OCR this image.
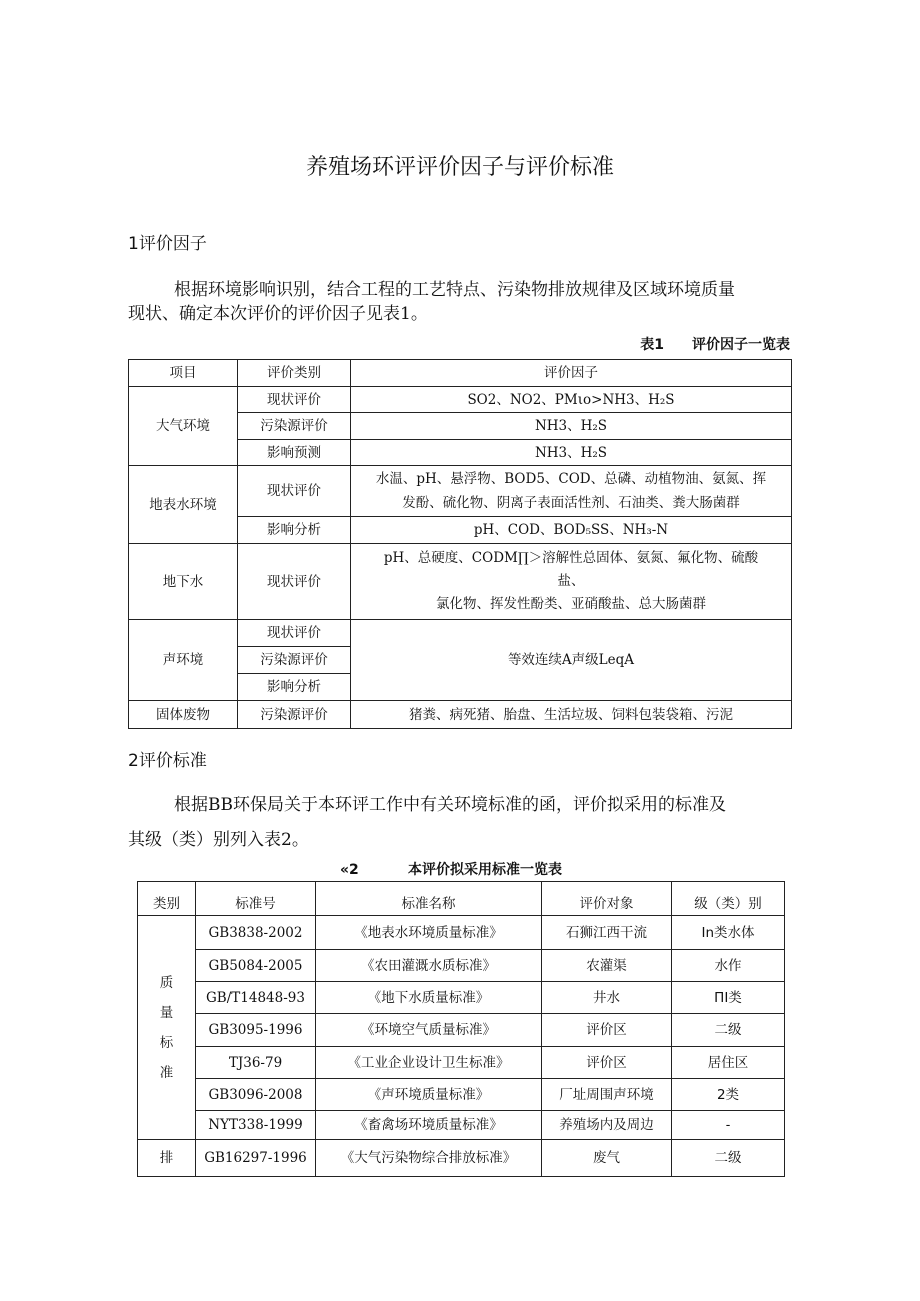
养殖场环评评价因子与评价标准
1评价因子
根据环境影响识别，结合工程的工艺特点、污染物排放规律及区域环境质量
现状、确定本次评价的评价因子见表1。
表1　　评价因子一览表
项目	评价类别	评价因子
大气环境	现状评价	SO2、NO2、PMιo>NH3、H₂S
	污染源评价	NH3、H₂S
	影响预测	NH3、H₂S
地表水环境	现状评价	水温、pH、悬浮物、BOD5、COD、总磷、动植物油、氨氮、挥
发酚、硫化物、阴离子表面活性剂、石油类、粪大肠菌群

	影响分析	pH、COD、BOD₅SS、NH₃-N
地下水	现状评价	pH、总硬度、CODM∏＞溶解性总固体、氨氮、氟化物、硫酸
盐、
氯化物、挥发性酚类、亚硝酸盐、总大肠菌群

声环境	现状评价	等效连续A声级LeqA
	污染源评价	
	影响分析	
固体废物	污染源评价	猪粪、病死猪、胎盘、生活垃圾、饲料包装袋箱、污泥
2评价标准
根据BB环保局关于本环评工作中有关环境标准的函，评价拟采用的标准及
其级（类）别列入表2。
«2	本评价拟采用标准一览表
类别	标准号	标准名称	评价对象	级（类）别

质
量
标
准	GB3838-2002	《地表水环境质量标准》	石狮江西干流	In类水体
	GB5084-2005	《农田灌溉水质标准》	农灌渠	水作
	GB/T14848-93	《地下水质量标准》	井水	ΠI类
	GB3095-1996	《环境空气质量标准》	评价区	二级
	TJ36-79	《工业企业设计卫生标准》	评价区	居住区
	GB3096-2008	《声环境质量标准》	厂址周围声环境	2类
	NYT338-1999	《畜禽场环境质量标准》	养殖场内及周边	-
排	GB16297-1996	《大气污染物综合排放标准》	废气	二级
